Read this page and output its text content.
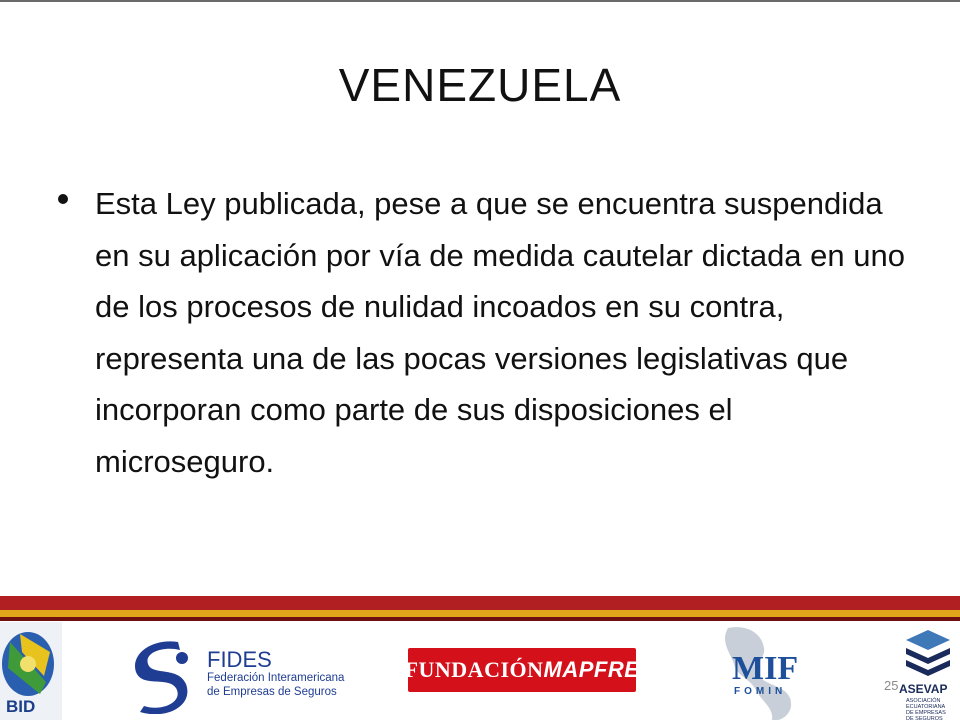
VENEZUELA
Esta Ley publicada, pese a que se encuentra suspendida en su aplicación por vía de medida cautelar dictada en uno de los procesos de nulidad incoados en su contra, representa una de las pocas versiones legislativas que incorporan como parte de sus disposiciones el microseguro.
BID
FIDES
Federación Interamericana
de Empresas de Seguros
FUNDACIÓN MAPFRE	MIF
FOMIN	25 ASEVAP
ASOCIACIÓN ECUATORIANA DE EMPRESAS DE SEGUROS
